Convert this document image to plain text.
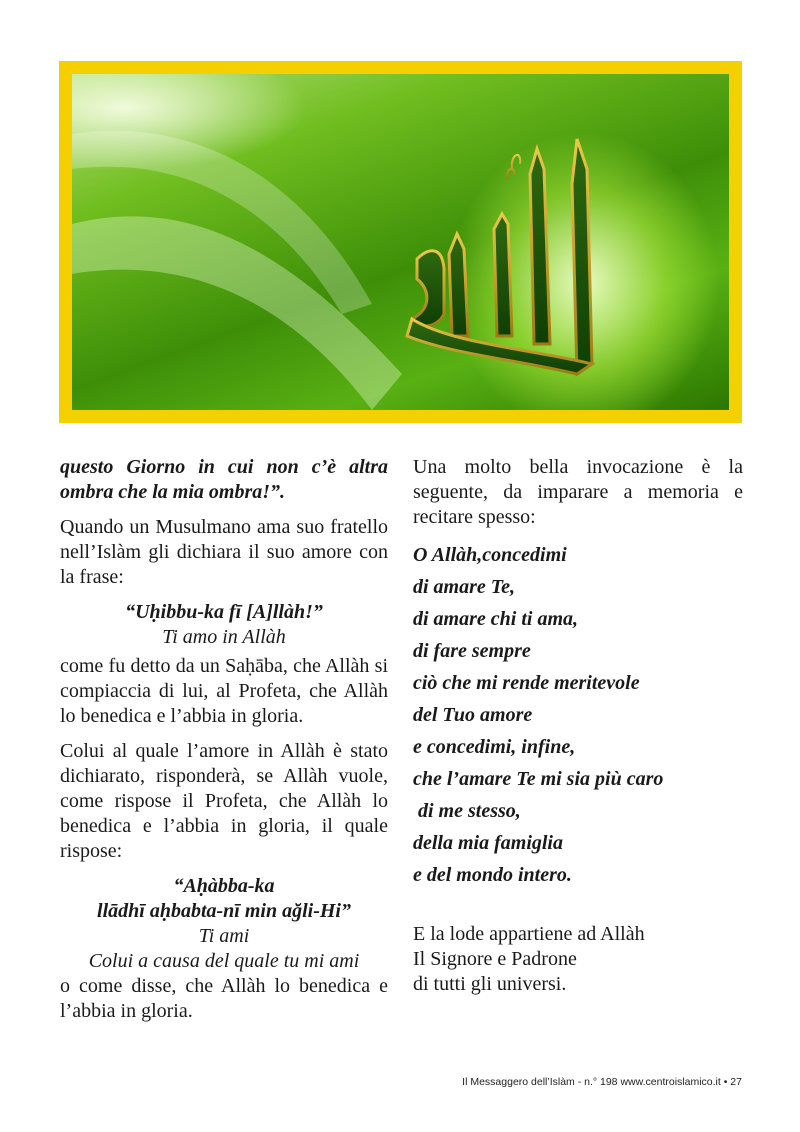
questo Giorno in cui non c’è altra ombra che la mia ombra!”.

Quando un Musulmano ama suo fratello nell’Islàm gli dichiara il suo amore con la frase:

“Uḥibbu-ka fī [A]llàh!”

Ti amo in Allàh

come fu detto da un Saḥāba, che Allàh si compiaccia di lui, al Profeta, che Allàh lo benedica e l’abbia in gloria.

Colui al quale l’amore in Allàh è stato dichiarato, risponderà, se Allàh vuole, come rispose il Profeta, che Allàh lo benedica e l’abbia in gloria, il quale rispose:

“Aḥàbba-ka
llādhī aḥbabta-nī min ağli-Hi”
Ti ami
Colui a causa del quale tu mi ami

o come disse, che Allàh lo benedica e l’abbia in gloria.

Una molto bella invocazione è la seguente, da imparare a memoria e recitare spesso:

O Allàh,concedimi

di amare Te,

di amare chi ti ama,

di fare sempre

ciò che mi rende meritevole

del Tuo amore

e concedimi, infine,

che l’amare Te mi sia più caro

di me stesso,

della mia famiglia

e del mondo intero.

E la lode appartiene ad Allàh
Il Signore e Padrone
di tutti gli universi.
Il Messaggero dell’Islàm - n.° 198 www.centroislamico.it • 27
